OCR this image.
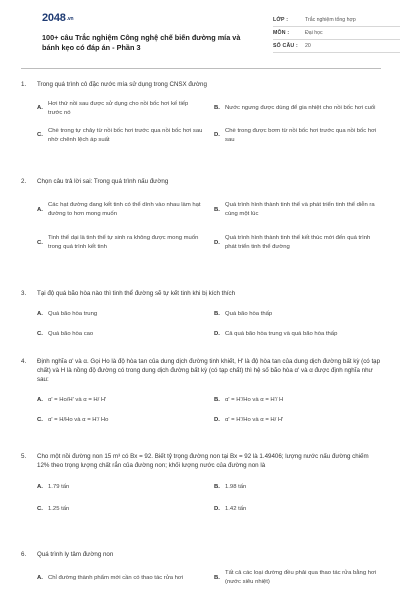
2048.vn
100+ câu Trắc nghiệm Công nghệ chế biến đường mía và bánh kẹo có đáp án - Phần 3
LỚP :	Trắc nghiệm tổng hợp
MÔN :	Đại học
SỐ CÂU :	20
1.	Trong quá trình cô đặc nước mía sử dụng trong CNSX đường
A.
Hơi thứ nồi sau được sử dụng cho nồi bốc hơi kế tiếp trước nó
B. Nước ngưng được dùng để gia nhiệt cho nồi bốc hơi cuối
C.
Chè trong tự chảy từ nồi bốc hơi trước qua nồi bốc hơi sau nhờ chênh lệch áp suất
D.
Chè trong được bơm từ nồi bốc hơi trước qua nồi bốc hơi sau
2.	Chọn câu trả lời sai: Trong quá trình nấu đường
A.
Các hạt đường đang kết tinh có thể dính vào nhau làm hạt đường to hơn mong muốn
B.
Quá trình hình thành tinh thể và phát triển tinh thể diễn ra cùng một lúc
C.
Tinh thể dại là tinh thể tự sinh ra không được mong muốn trong quá trình kết tinh
D.
Quá trình hình thành tinh thể kết thúc mới đến quá trình phát triển tinh thể đường
3.	Tại độ quá bão hòa nào thì tinh thể đường sẽ tự kết tinh khi bị kích thích
A. Quá bão hòa trung	B. Quá bão hòa thấp
C. Quá bão hòa cao	D. Cả quá bão hòa trung và quá bão hòa thấp
4.	Định nghĩa α' và α. Gọi Ho là độ hòa tan của dung dịch đường tinh khiết, H' là độ hòa tan của dung dịch đường bất kỳ (có tạp chất) và H là nồng độ đường có trong dung dịch đường bất kỳ (có tạp chất) thì hệ số bão hòa α' và α được định nghĩa như sau:
A. α' = Ho/H' và α = H/ H'	B. α' = H'/Ho và α = H'/ H
C. α' = H/Ho và α = H'/ Ho	D. α' = H'/Ho và α = H/ H'
5.	Cho một nồi đường non 15 m³ có Bx = 92. Biết tỷ trọng đường non tại Bx = 92 là 1.49406; lượng nước nấu đường chiếm 12% theo trọng lượng chất rắn của đường non; khối lượng nước của đường non là
A. 1.79 tấn	B. 1.98 tấn
C. 1.25 tấn	D. 1.42 tấn
6.	Quá trình ly tâm đường non
A. Chỉ đường thành phẩm mới cần có thao tác rửa hơi	B.
Tất cả các loại đường đều phải qua thao tác rửa bằng hơi (nước siêu nhiệt)
